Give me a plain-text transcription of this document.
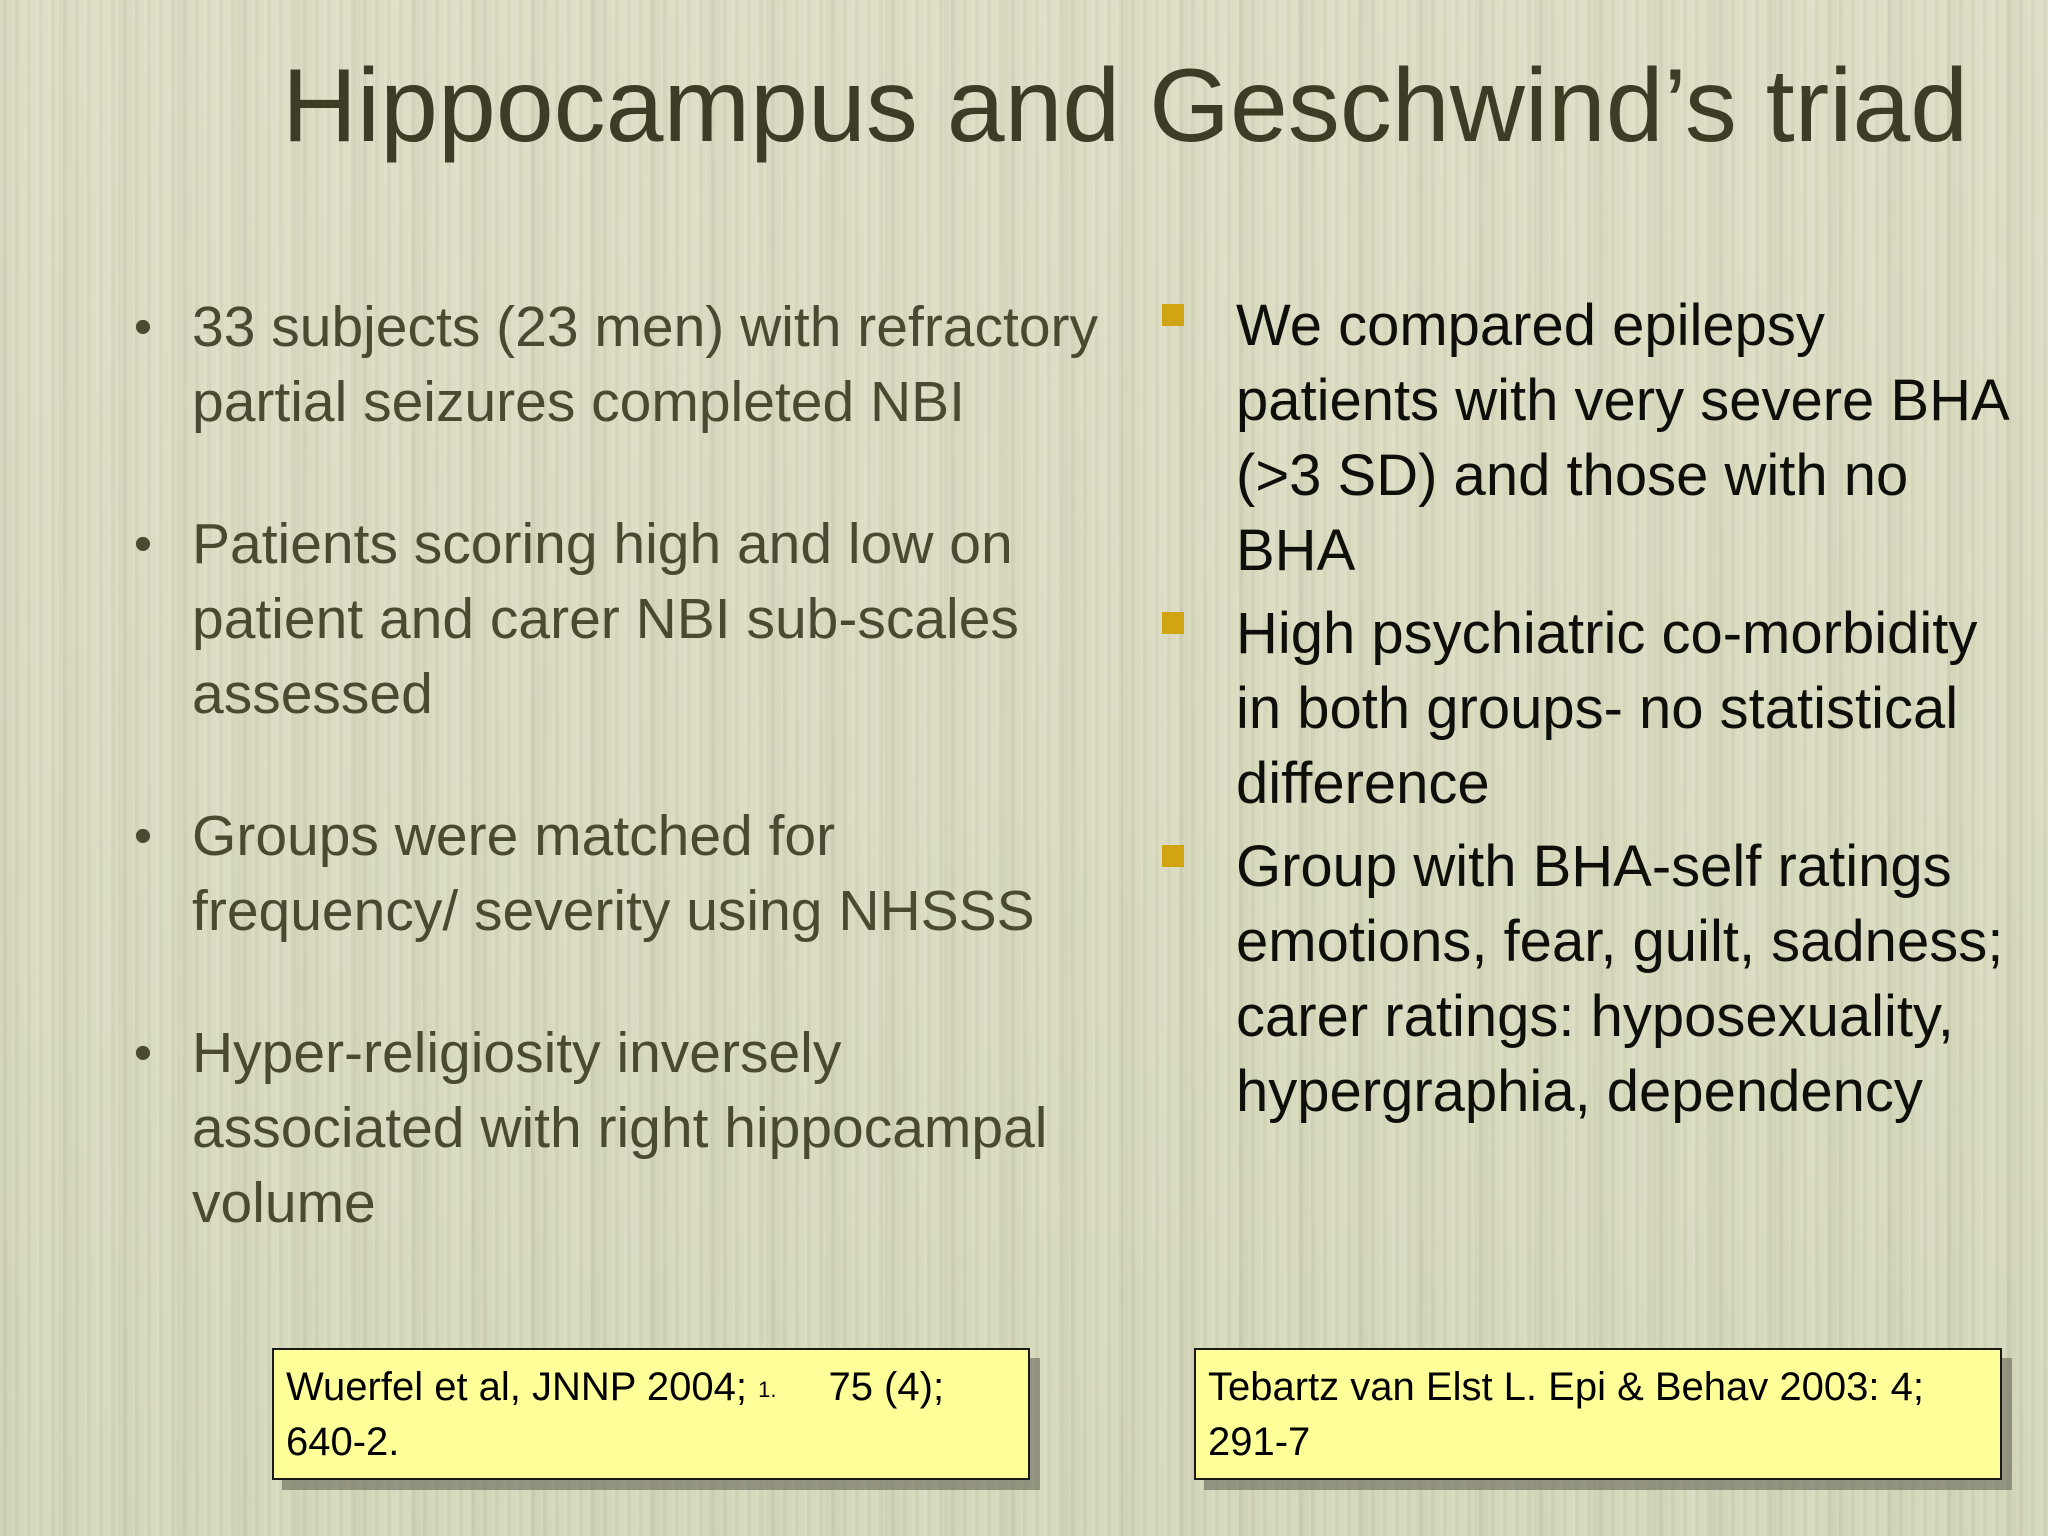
Hippocampus and Geschwind’s triad
• 33 subjects (23 men) with refractory partial seizures completed NBI
• Patients scoring high and low on patient and carer NBI sub-scales assessed
• Groups were matched for frequency/ severity using NHSSS
• Hyper-religiosity inversely associated with right hippocampal volume
We compared epilepsy patients with very severe BHA (>3 SD) and those with no BHA
High psychiatric co-morbidity in both groups- no statistical difference
Group with BHA-self ratings emotions, fear, guilt, sadness; carer ratings: hyposexuality, hypergraphia, dependency
Wuerfel et al, JNNP 2004; $^{1.}$ 75 (4); 640-2.
Tebartz van Elst L. Epi & Behav 2003: 4; 291-7
